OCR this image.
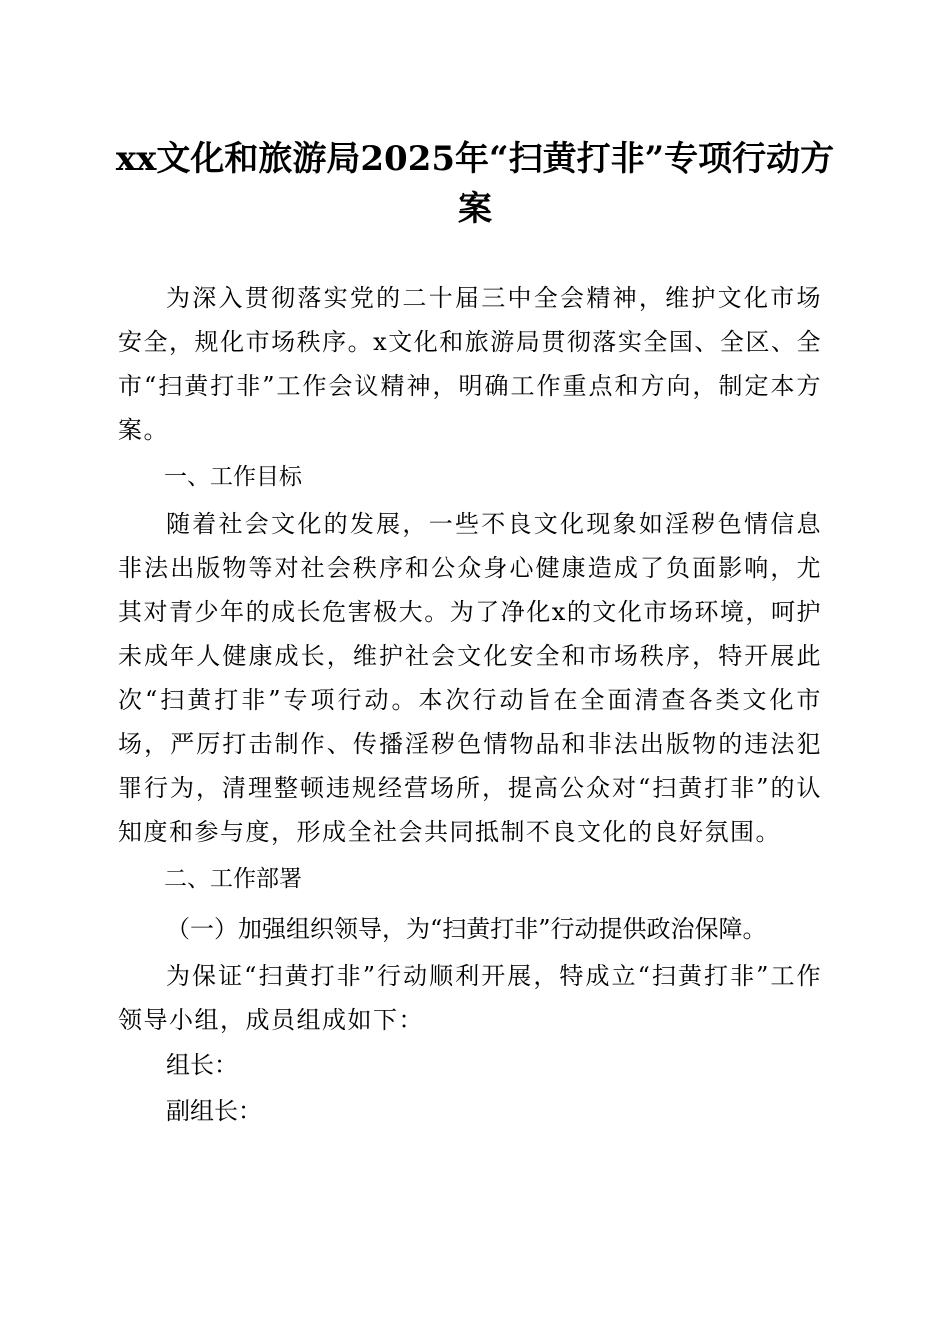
xx文化和旅游局2025年“扫黄打非”专项行动方案

为深入贯彻落实党的二十届三中全会精神，维护文化市场安全，规化市场秩序。x文化和旅游局贯彻落实全国、全区、全市“扫黄打非”工作会议精神，明确工作重点和方向，制定本方案。

一、工作目标

随着社会文化的发展，一些不良文化现象如淫秽色情信息非法出版物等对社会秩序和公众身心健康造成了负面影响，尤其对青少年的成长危害极大。为了净化x的文化市场环境，呵护未成年人健康成长，维护社会文化安全和市场秩序，特开展此次“扫黄打非”专项行动。本次行动旨在全面清查各类文化市场，严厉打击制作、传播淫秽色情物品和非法出版物的违法犯罪行为，清理整顿违规经营场所，提高公众对“扫黄打非”的认知度和参与度，形成全社会共同抵制不良文化的良好氛围。

二、工作部署

（一）加强组织领导，为“扫黄打非”行动提供政治保障。

为保证“扫黄打非”行动顺利开展，特成立“扫黄打非”工作领导小组，成员组成如下：

组长：

副组长：
